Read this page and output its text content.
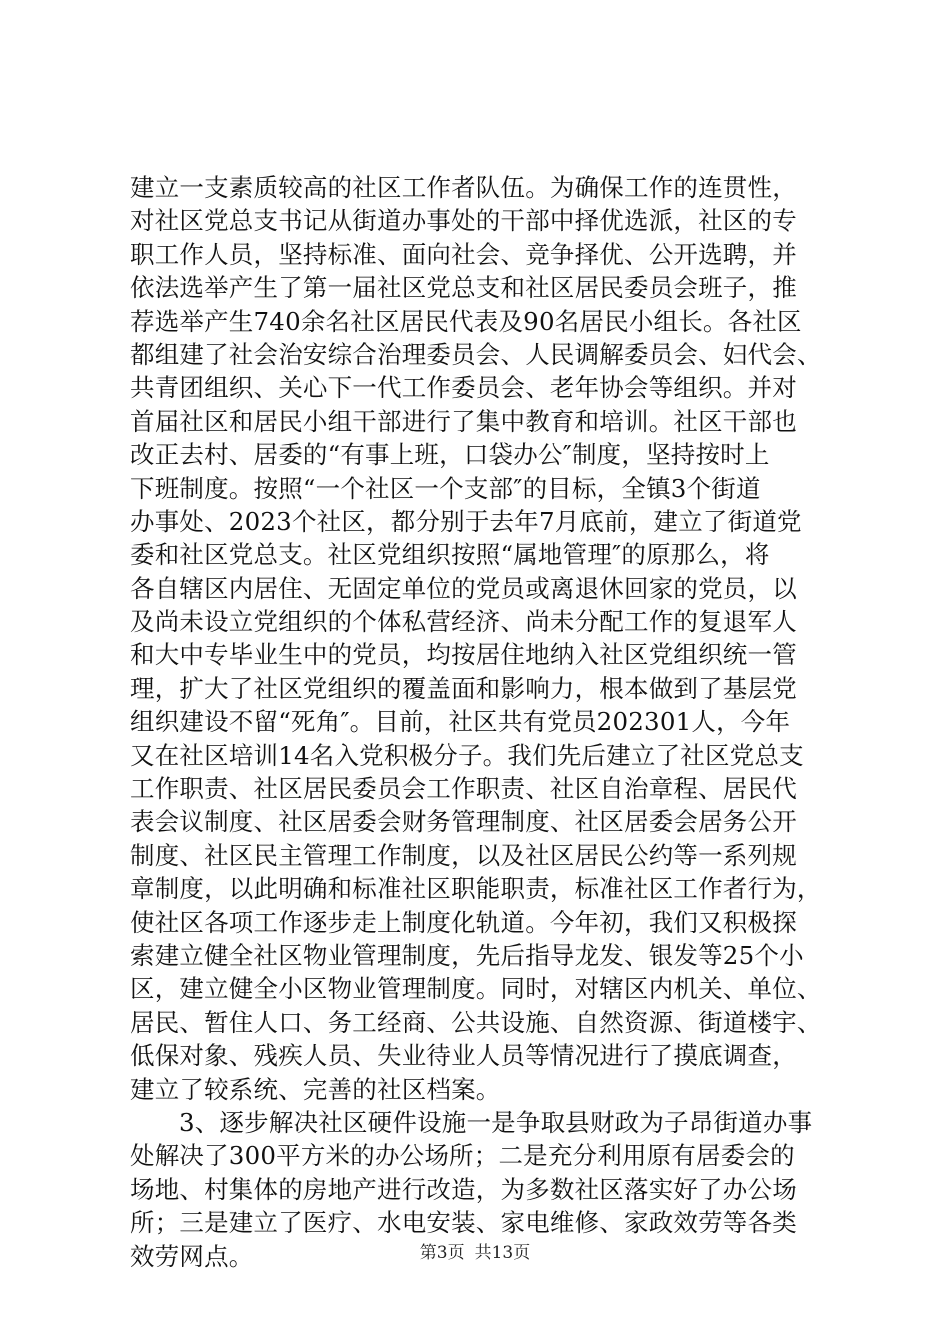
建立一支素质较高的社区工作者队伍。为确保工作的连贯性，
对社区党总支书记从街道办事处的干部中择优选派，社区的专
职工作人员，坚持标准、面向社会、竞争择优、公开选聘，并
依法选举产生了第一届社区党总支和社区居民委员会班子，推
荐选举产生740余名社区居民代表及90名居民小组长。各社区
都组建了社会治安综合治理委员会、人民调解委员会、妇代会、
共青团组织、关心下一代工作委员会、老年协会等组织。并对
首届社区和居民小组干部进行了集中教育和培训。社区干部也
改正去村、居委的“有事上班，口袋办公″制度，坚持按时上
下班制度。按照“一个社区一个支部″的目标，全镇3个街道
办事处、2023个社区，都分别于去年7月底前，建立了街道党
委和社区党总支。社区党组织按照“属地管理″的原那么，将
各自辖区内居住、无固定单位的党员或离退休回家的党员，以
及尚未设立党组织的个体私营经济、尚未分配工作的复退军人
和大中专毕业生中的党员，均按居住地纳入社区党组织统一管
理，扩大了社区党组织的覆盖面和影响力，根本做到了基层党
组织建设不留“死角″。目前，社区共有党员202301人，今年
又在社区培训14名入党积极分子。我们先后建立了社区党总支
工作职责、社区居民委员会工作职责、社区自治章程、居民代
表会议制度、社区居委会财务管理制度、社区居委会居务公开
制度、社区民主管理工作制度，以及社区居民公约等一系列规
章制度，以此明确和标准社区职能职责，标准社区工作者行为，
使社区各项工作逐步走上制度化轨道。今年初，我们又积极探
索建立健全社区物业管理制度，先后指导龙发、银发等25个小
区，建立健全小区物业管理制度。同时，对辖区内机关、单位、
居民、暂住人口、务工经商、公共设施、自然资源、街道楼宇、
低保对象、残疾人员、失业待业人员等情况进行了摸底调查，
建立了较系统、完善的社区档案。
3、逐步解决社区硬件设施一是争取县财政为子昂街道办事
处解决了300平方米的办公场所；二是充分利用原有居委会的
场地、村集体的房地产进行改造，为多数社区落实好了办公场
所；三是建立了医疗、水电安装、家电维修、家政效劳等各类
效劳网点。	第3页 共13页
